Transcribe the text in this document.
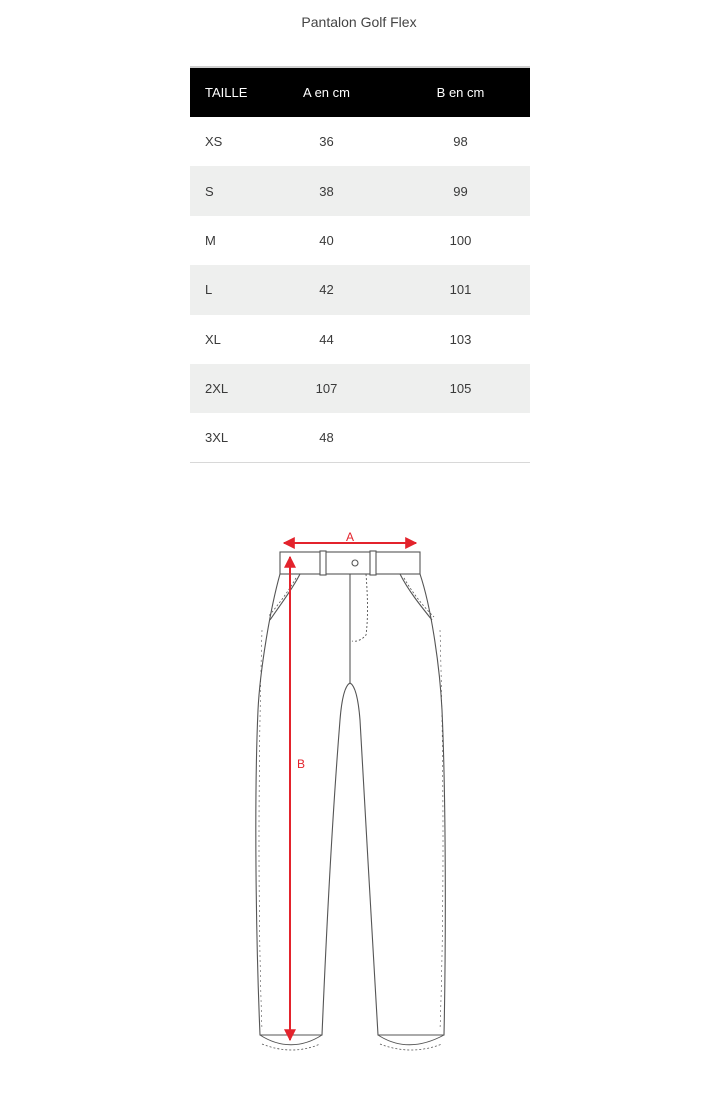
Pantalon Golf Flex
TAILLE	A en cm	B en cm
XS	36	98
S	38	99
M	40	100
L	42	101
XL	44	103
2XL	107	105
3XL	48	
A
B
